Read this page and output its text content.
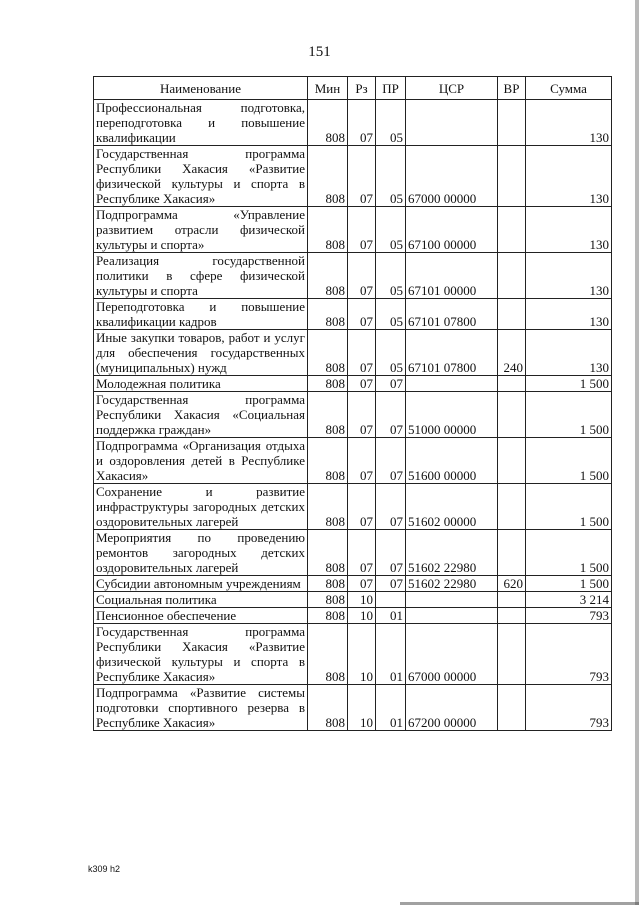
151
Наименование	Мин	Рз	ПР	ЦСР	ВР	Сумма
Профессиональная подготовка, переподготовка и повышение квалификации	808	07	05			130
Государственная программа Республики Хакасия «Развитие физической культуры и спорта в Республике Хакасия»	808	07	05	67000 00000		130
Подпрограмма «Управление развитием отрасли физической культуры и спорта»	808	07	05	67100 00000		130
Реализация государственной политики в сфере физической культуры и спорта	808	07	05	67101 00000		130
Переподготовка и повышение квалификации кадров	808	07	05	67101 07800		130
Иные закупки товаров, работ и услуг для обеспечения государственных (муниципальных) нужд	808	07	05	67101 07800	240	130
Молодежная политика	808	07	07			1 500
Государственная программа Республики Хакасия «Социальная поддержка граждан»	808	07	07	51000 00000		1 500
Подпрограмма «Организация отдыха и оздоровления детей в Республике Хакасия»	808	07	07	51600 00000		1 500
Сохранение и развитие инфраструктуры загородных детских оздоровительных лагерей	808	07	07	51602 00000		1 500
Мероприятия по проведению ремонтов загородных детских оздоровительных лагерей	808	07	07	51602 22980		1 500
Субсидии автономным учреждениям	808	07	07	51602 22980	620	1 500
Социальная политика	808	10				3 214
Пенсионное обеспечение	808	10	01			793
Государственная программа Республики Хакасия «Развитие физической культуры и спорта в Республике Хакасия»	808	10	01	67000 00000		793
Подпрограмма «Развитие системы подготовки спортивного резерва в Республике Хакасия»	808	10	01	67200 00000		793
k309 h2
